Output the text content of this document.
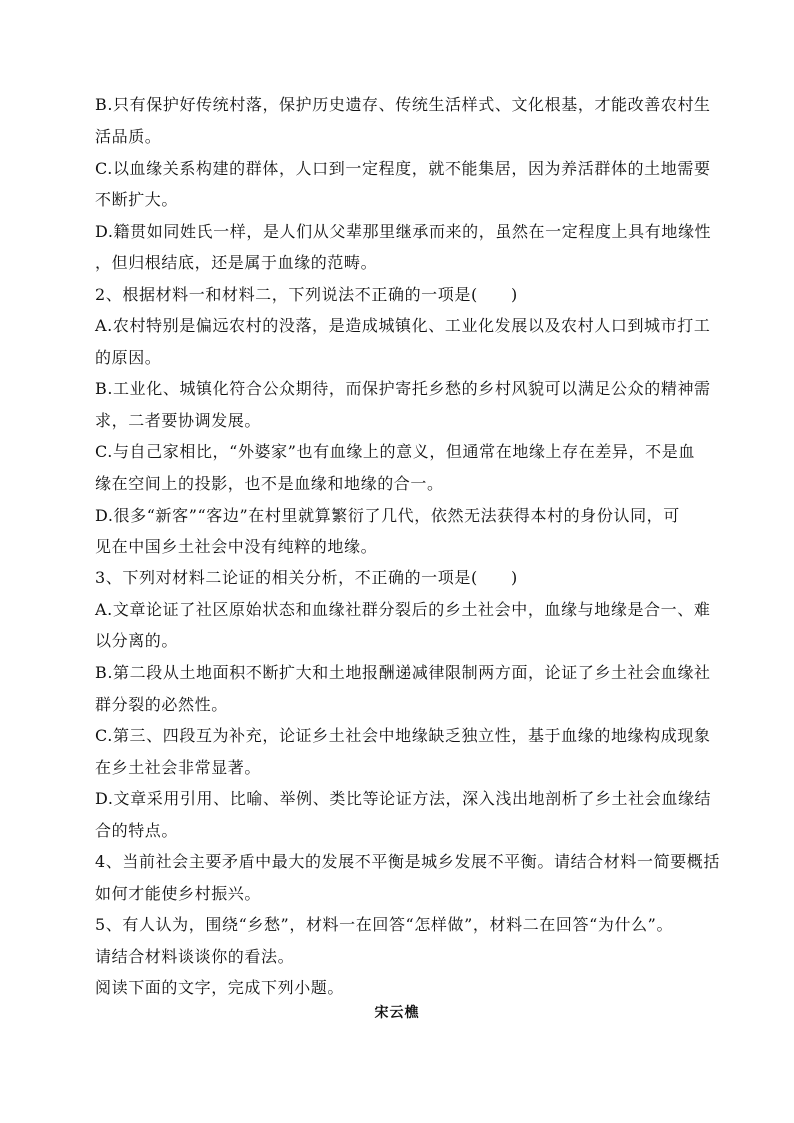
B.只有保护好传统村落，保护历史遗存、传统生活样式、文化根基，才能改善农村生
活品质。
C.以血缘关系构建的群体，人口到一定程度，就不能集居，因为养活群体的土地需要
不断扩大。
D.籍贯如同姓氏一样，是人们从父辈那里继承而来的，虽然在一定程度上具有地缘性
，但归根结底，还是属于血缘的范畴。
2、根据材料一和材料二，下列说法不正确的一项是(　　)
A.农村特别是偏远农村的没落，是造成城镇化、工业化发展以及农村人口到城市打工
的原因。
B.工业化、城镇化符合公众期待，而保护寄托乡愁的乡村风貌可以满足公众的精神需
求，二者要协调发展。
C.与自己家相比，“外婆家”也有血缘上的意义，但通常在地缘上存在差异，不是血
缘在空间上的投影，也不是血缘和地缘的合一。
D.很多“新客”“客边”在村里就算繁衍了几代，依然无法获得本村的身份认同，可
见在中国乡土社会中没有纯粹的地缘。
3、下列对材料二论证的相关分析，不正确的一项是(　　)
A.文章论证了社区原始状态和血缘社群分裂后的乡土社会中，血缘与地缘是合一、难
以分离的。
B.第二段从土地面积不断扩大和土地报酬递减律限制两方面，论证了乡土社会血缘社
群分裂的必然性。
C.第三、四段互为补充，论证乡土社会中地缘缺乏独立性，基于血缘的地缘构成现象
在乡土社会非常显著。
D.文章采用引用、比喻、举例、类比等论证方法，深入浅出地剖析了乡土社会血缘结
合的特点。
4、当前社会主要矛盾中最大的发展不平衡是城乡发展不平衡。请结合材料一简要概括
如何才能使乡村振兴。
5、有人认为，围绕“乡愁”，材料一在回答“怎样做”，材料二在回答“为什么”。
请结合材料谈谈你的看法。
阅读下面的文字，完成下列小题。
宋云樵
